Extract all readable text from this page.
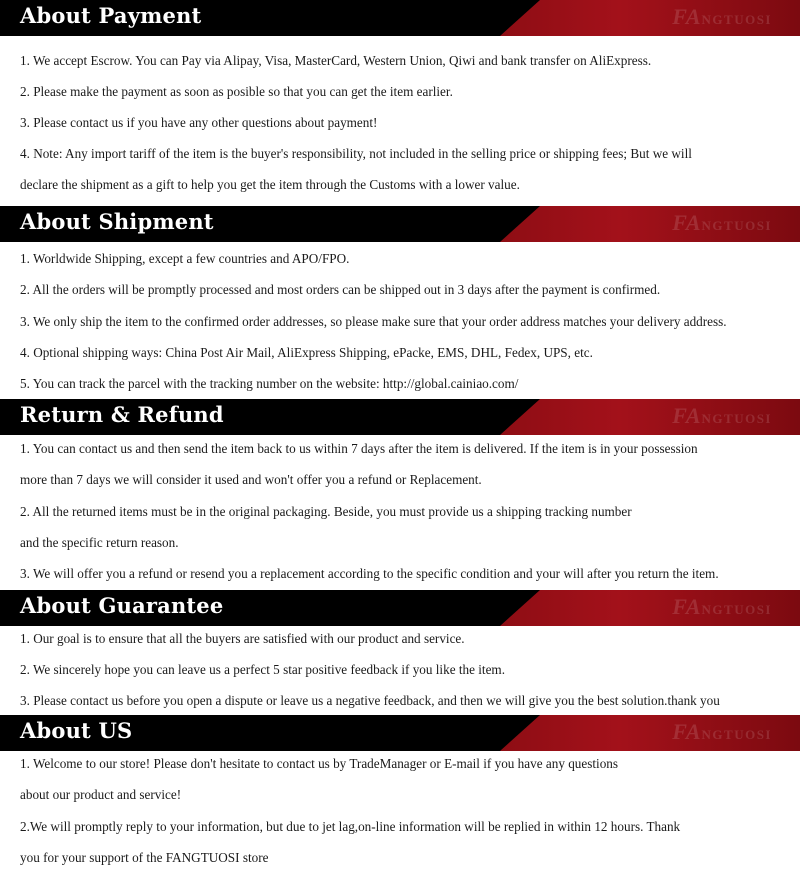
About Payment	FANGTUOSI
1. We accept Escrow. You can Pay via Alipay, Visa, MasterCard, Western Union, Qiwi and bank transfer on AliExpress.
2. Please make the payment as soon as posible so that you can get the item earlier.
3. Please contact us if you have any other questions about payment!
4. Note: Any import tariff of the item is the buyer's responsibility, not included in the selling price or shipping fees; But we will
declare the shipment as a gift to help you get the item through the Customs with a lower value.
About Shipment	FANGTUOSI
1. Worldwide Shipping, except a few countries and APO/FPO.
2. All the orders will be promptly processed and most orders can be shipped out in 3 days after the payment is confirmed.
3. We only ship the item to the confirmed order addresses, so please make sure that your order address matches your delivery address.
4. Optional shipping ways: China Post Air Mail, AliExpress Shipping, ePacke, EMS, DHL, Fedex, UPS, etc.
5. You can track the parcel with the tracking number on the website: http://global.cainiao.com/
Return & Refund	FANGTUOSI
1. You can contact us and then send the item back to us within 7 days after the item is delivered. If the item is in your possession
more than 7 days we will consider it used and won't offer you a refund or Replacement.
2. All the returned items must be in the original packaging. Beside, you must provide us a shipping tracking number
and the specific return reason.
3. We will offer you a refund or resend you a replacement according to the specific condition and your will after you return the item.
About Guarantee	FANGTUOSI
1. Our goal is to ensure that all the buyers are satisfied with our product and service.
2. We sincerely hope you can leave us a perfect 5 star positive feedback if you like the item.
3. Please contact us before you open a dispute or leave us a negative feedback, and then we will give you the best solution.thank you
About US	FANGTUOSI
1. Welcome to our store! Please don't hesitate to contact us by TradeManager or E-mail if you have any questions
about our product and service!
2.We will promptly reply to your information, but due to jet lag,on-line information will be replied in within 12 hours. Thank
you for your support of the FANGTUOSI store
